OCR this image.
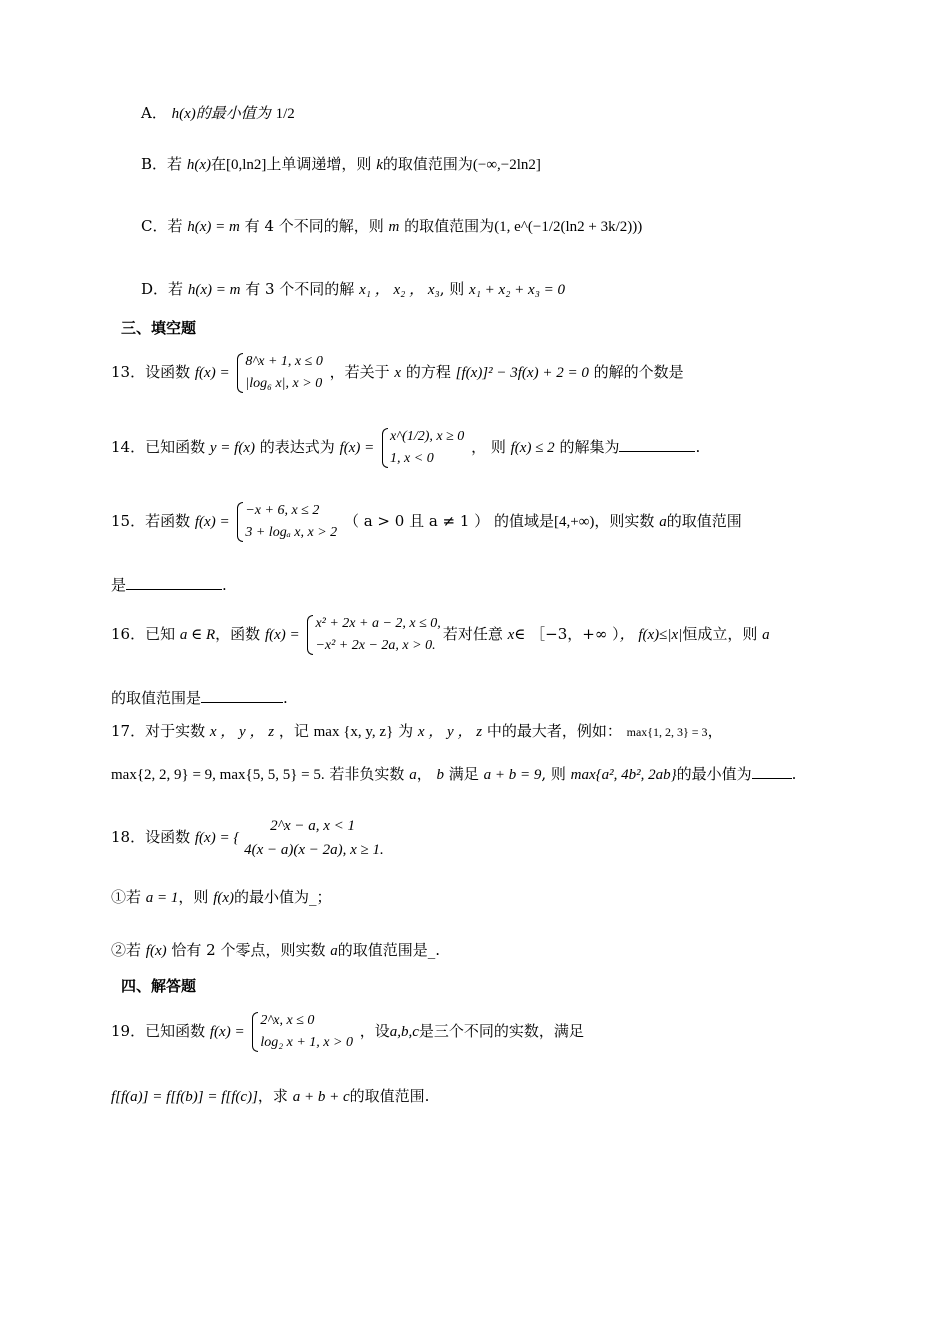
A． h(x)的最小值为 1/2
B．若 h(x)在[0,ln2]上单调递增，则 k的取值范围为(−∞,−2ln2]
C．若 h(x) = m 有 4 个不同的解，则 m 的取值范围为(1, e^(−1/2(ln2 + 3k/2)))
D．若 h(x) = m 有 3 个不同的解 x₁ ， x₂ ， x₃, 则 x₁ + x₂ + x₃ = 0
三、填空题
13．设函数 f(x) =
8^x + 1, x ≤ 0
|log₆ x|, x > 0
，若关于 x 的方程 [f(x)]² − 3f(x) + 2 = 0 的解的个数是
14．已知函数 y = f(x) 的表达式为 f(x) =
x^(1/2), x ≥ 0
1, x < 0
， 则 f(x) ≤ 2 的解集为	.
15．若函数 f(x) =
−x + 6, x ≤ 2
3 + logₐ x, x > 2
（ a > 0 且 a ≠ 1 ） 的值域是[4,+∞)，则实数 a的取值范围
是	.
16．已知 a ∈ R，函数 f(x) =
x² + 2x + a − 2, x ≤ 0,
−x² + 2x − 2a, x > 0.
若对任意 x∈ ［−3，+∞ ）， f(x)≤|x|恒成立，则 a
的取值范围是	.
17．对于实数 x ， y ， z ，记 max {x, y, z} 为 x ， y ， z 中的最大者，例如： max{1, 2, 3} = 3，
max{2, 2, 9} = 9, max{5, 5, 5} = 5. 若非负实数 a， b 满足 a + b = 9, 则 max{a², 4b², 2ab}的最小值为	.
18．设函数 f(x) = {
2^x − a, x < 1
4(x − a)(x − 2a), x ≥ 1.
①若 a = 1，则 f(x)的最小值为_；
②若 f(x) 恰有 2 个零点，则实数 a的取值范围是_.
四、解答题
19．已知函数 f(x) =
2^x, x ≤ 0
log₂ x + 1, x > 0
，设a,b,c是三个不同的实数，满足
f[f(a)] = f[f(b)] = f[f(c)]，求 a + b + c的取值范围.
